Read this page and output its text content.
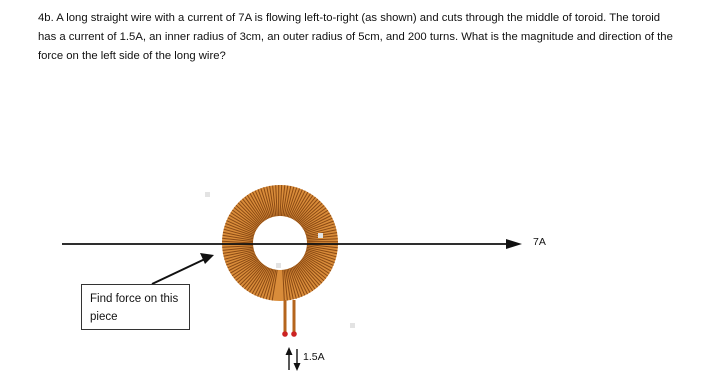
4b. A long straight wire with a current of 7A is flowing left-to-right (as shown) and cuts through the middle of toroid. The toroid has a current of 1.5A, an inner radius of 3cm, an outer radius of 5cm, and 200 turns. What is the magnitude and direction of the force on the left side of the long wire?

Find force on this piece
7A
1.5A
